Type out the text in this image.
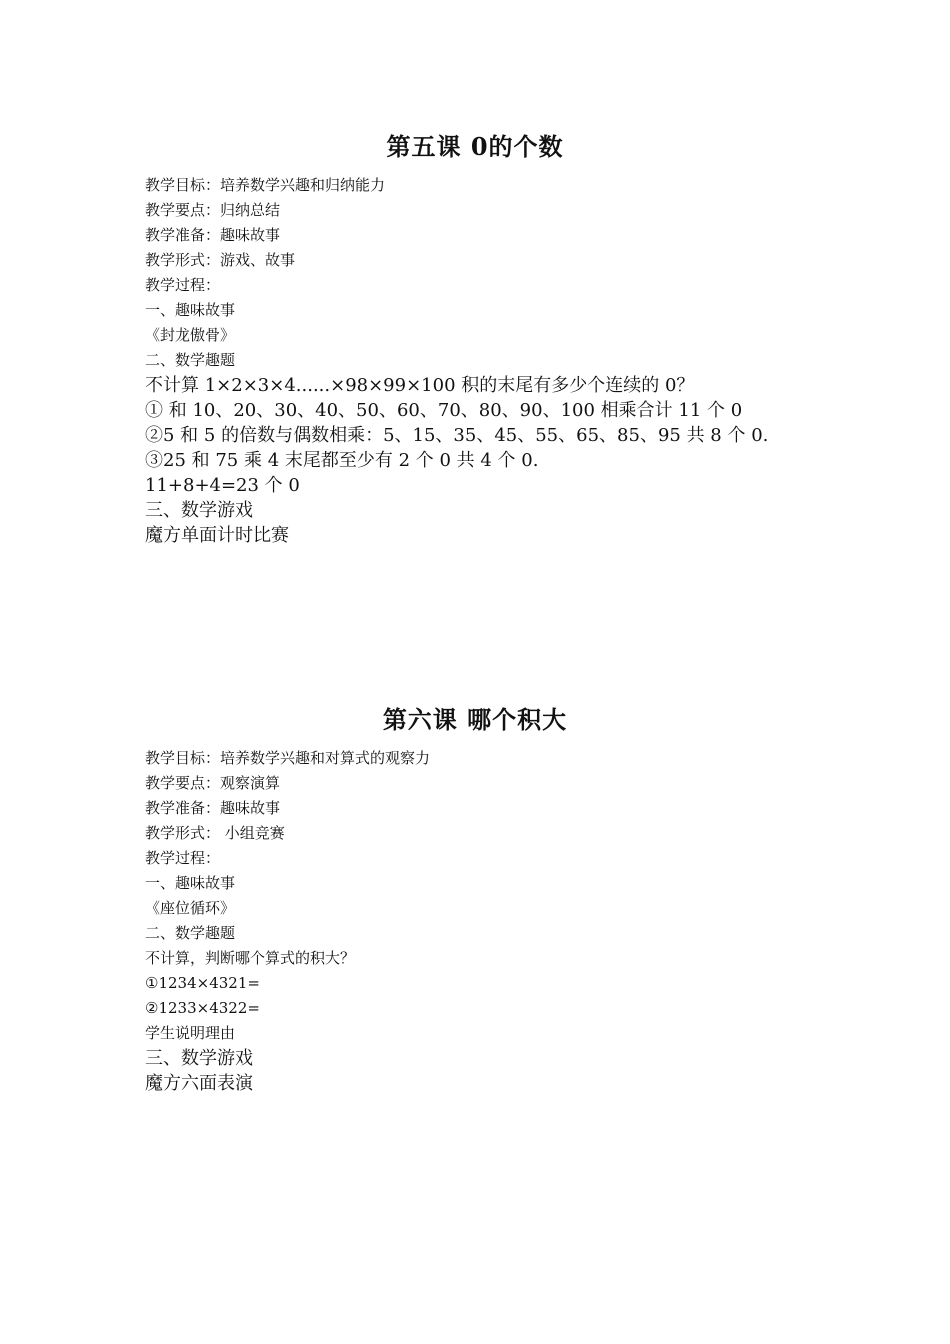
第五课 0的个数
教学目标：培养数学兴趣和归纳能力
教学要点：归纳总结
教学准备：趣味故事
教学形式：游戏、故事
教学过程：
一、趣味故事
《封龙傲骨》
二、数学趣题
不计算 1×2×3×4......×98×99×100 积的末尾有多少个连续的 0？
① 和 10、20、30、40、50、60、70、80、90、100 相乘合计 11 个 0
②5 和 5 的倍数与偶数相乘：5、15、35、45、55、65、85、95 共 8 个 0.
③25 和 75 乘 4 末尾都至少有 2 个 0 共 4 个 0.
11+8+4=23 个 0
三、数学游戏
魔方单面计时比赛
第六课 哪个积大
教学目标：培养数学兴趣和对算式的观察力
教学要点：观察演算
教学准备：趣味故事
教学形式： 小组竞赛
教学过程：
一、趣味故事
《座位循环》
二、数学趣题
不计算，判断哪个算式的积大？
①1234×4321=
②1233×4322=
学生说明理由
三、数学游戏
魔方六面表演
